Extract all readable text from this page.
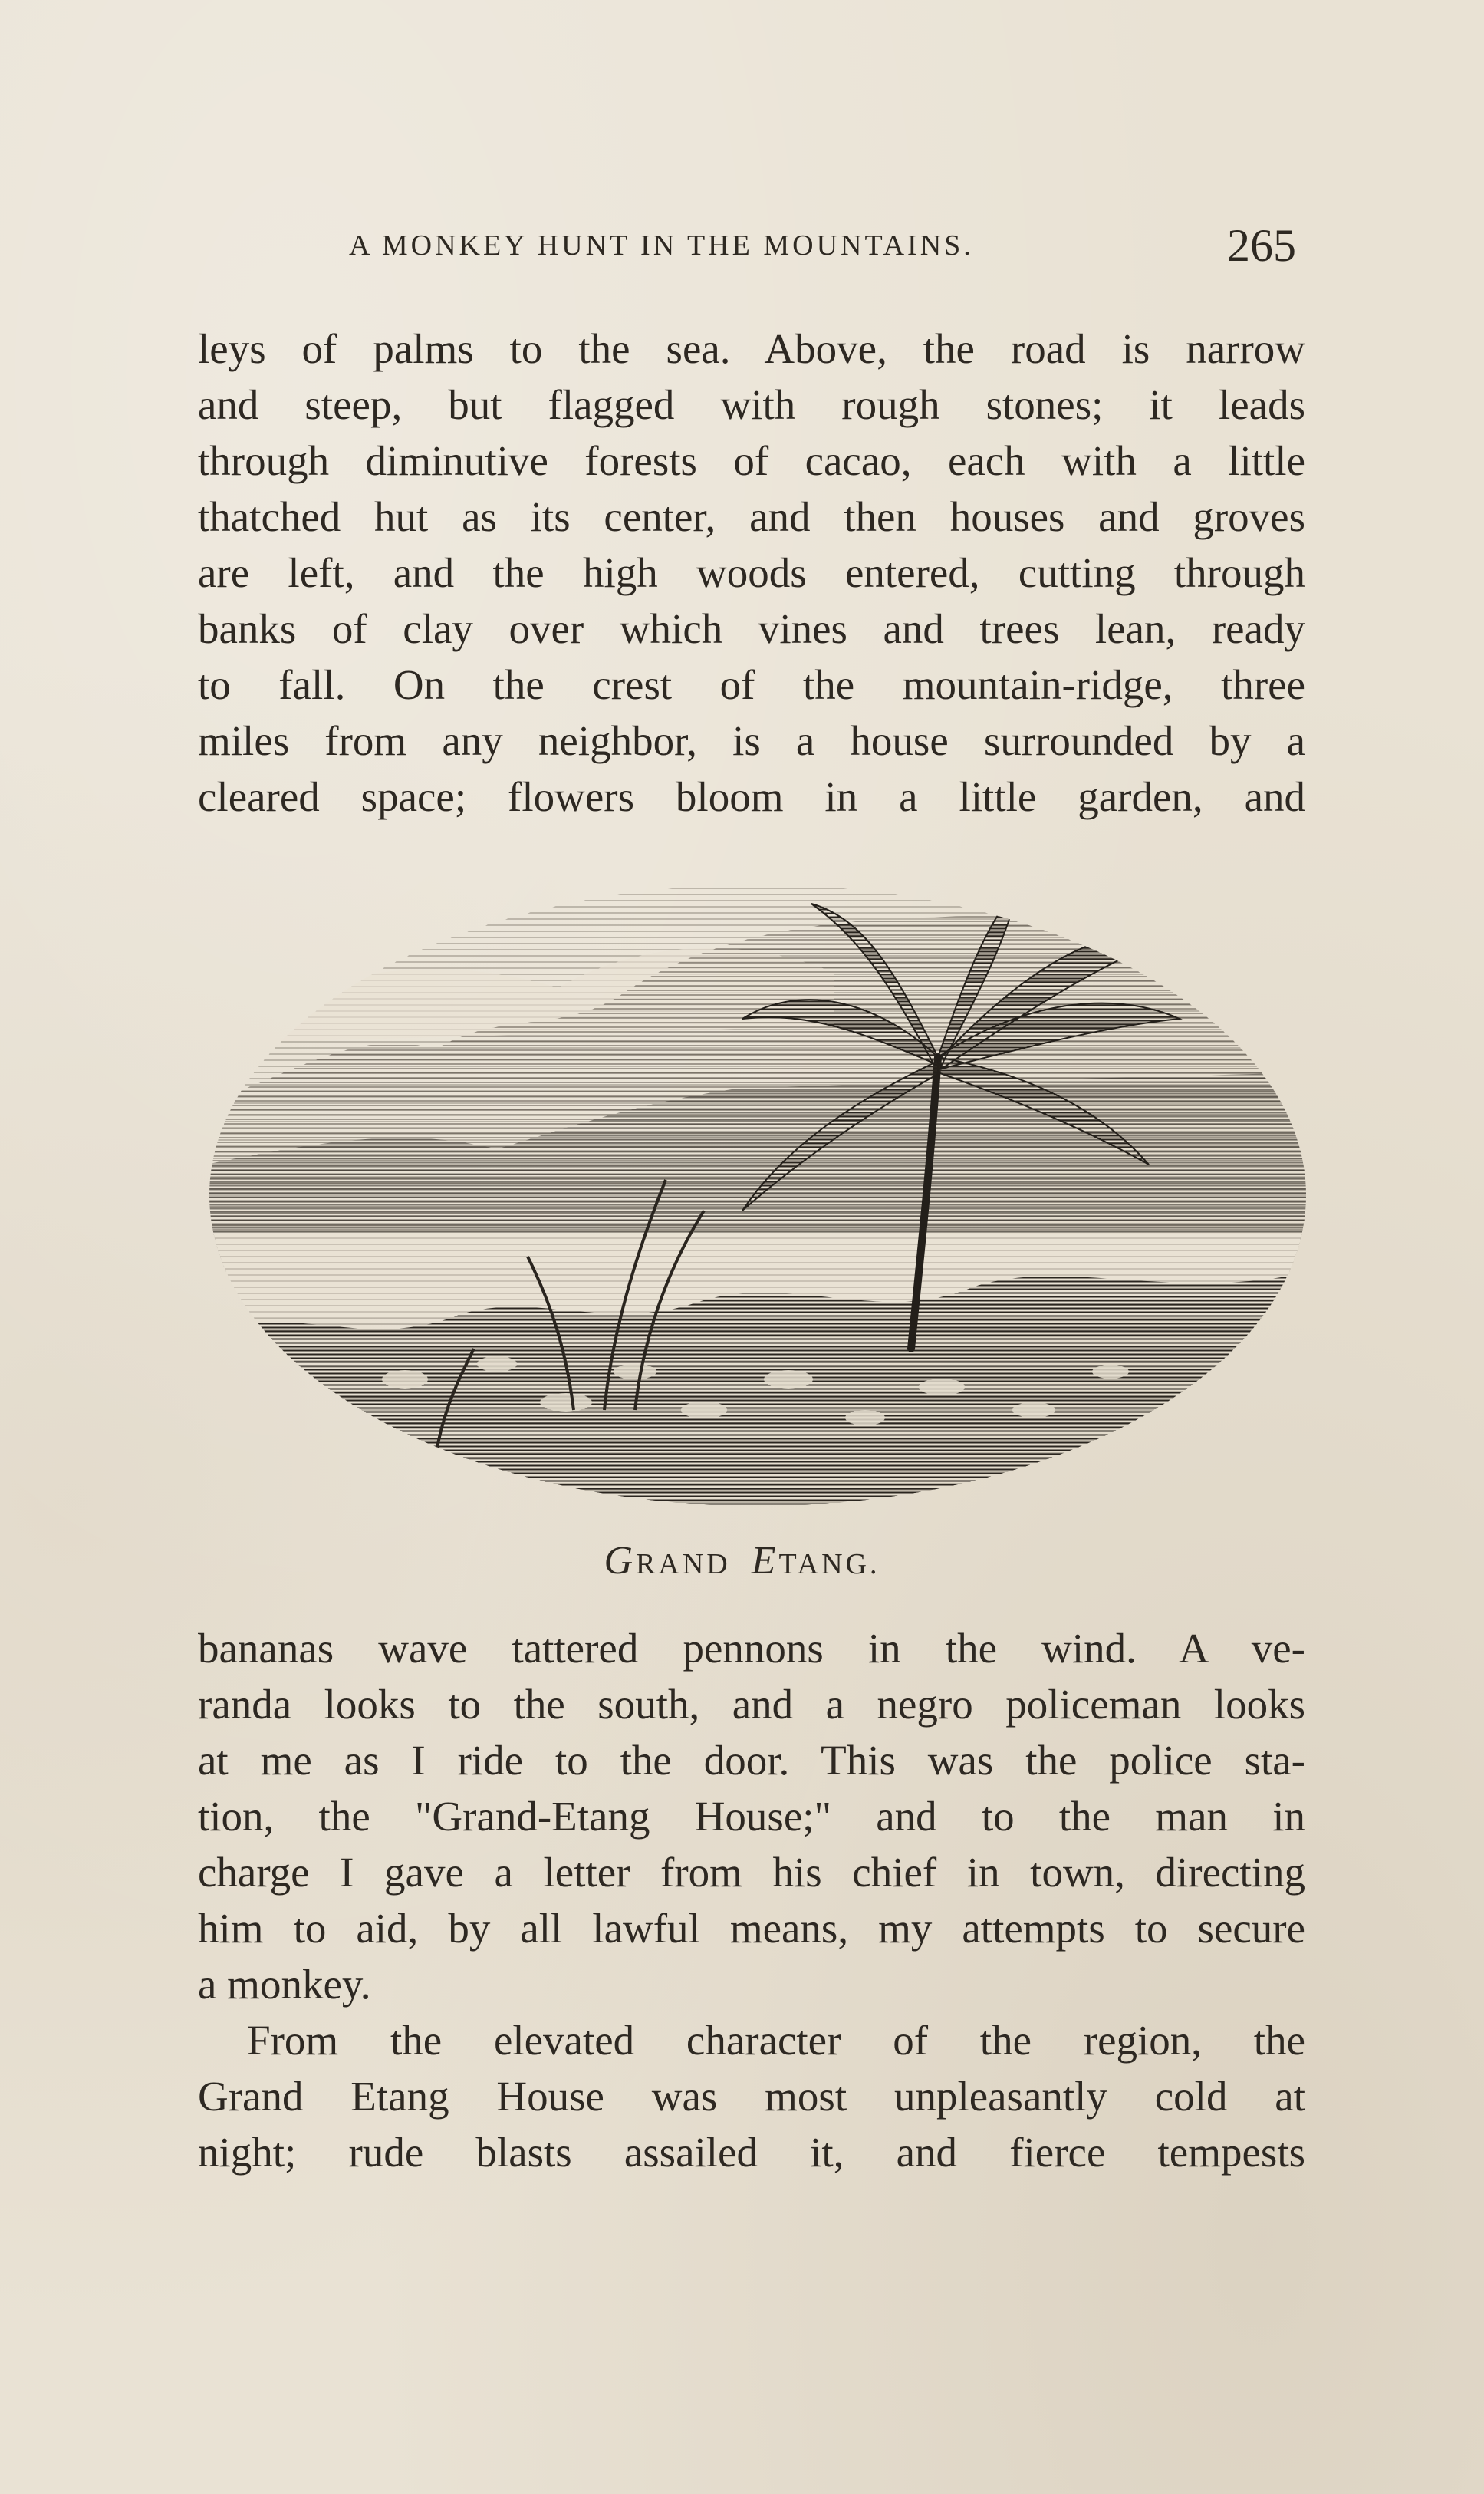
A MONKEY HUNT IN THE MOUNTAINS.	265
leys of palms to the sea. Above, the road is narrow
and steep, but flagged with rough stones; it leads
through diminutive forests of cacao, each with a little
thatched hut as its center, and then houses and groves
are left, and the high woods entered, cutting through
banks of clay over which vines and trees lean, ready
to fall. On the crest of the mountain-ridge, three
miles from any neighbor, is a house surrounded by a
cleared space; flowers bloom in a little garden, and
GRAND ETANG.
bananas wave tattered pennons in the wind. A ve-
randa looks to the south, and a negro policeman looks
at me as I ride to the door. This was the police sta-
tion, the "Grand-Etang House;" and to the man in
charge I gave a letter from his chief in town, directing
him to aid, by all lawful means, my attempts to secure
a monkey.
From the elevated character of the region, the
Grand Etang House was most unpleasantly cold at
night; rude blasts assailed it, and fierce tempests
